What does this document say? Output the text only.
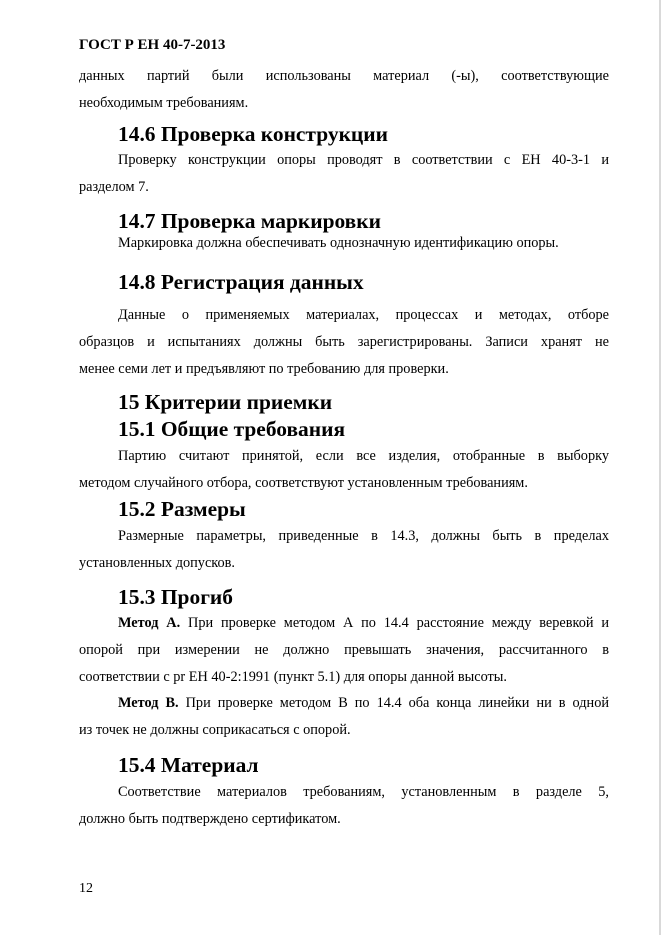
ГОСТ Р ЕН 40-7-2013

данных партий были использованы материал (-ы), соответствующие

необходимым требованиям.

14.6 Проверка конструкции

Проверку конструкции опоры проводят в соответствии с ЕН 40-3-1 и

разделом 7.

14.7 Проверка маркировки

Маркировка должна обеспечивать однозначную идентификацию опоры.

14.8 Регистрация данных

Данные о применяемых материалах, процессах и методах, отборе

образцов и испытаниях должны быть зарегистрированы. Записи хранят не

менее семи лет и предъявляют по требованию для проверки.

15 Критерии приемки
15.1 Общие требования

Партию считают принятой, если все изделия, отобранные в выборку

методом случайного отбора, соответствуют установленным требованиям.

15.2 Размеры

Размерные параметры, приведенные в 14.3, должны быть в пределах

установленных допусков.

15.3 Прогиб

Метод А. При проверке методом А по 14.4 расстояние между веревкой и

опорой при измерении не должно превышать значения, рассчитанного в

соответствии с pr ЕН 40-2:1991 (пункт 5.1) для опоры данной высоты.

Метод В. При проверке методом В по 14.4 оба конца линейки ни в одной

из точек не должны соприкасаться с опорой.

15.4 Материал

Соответствие материалов требованиям, установленным в разделе 5,

должно быть подтверждено сертификатом.

12
